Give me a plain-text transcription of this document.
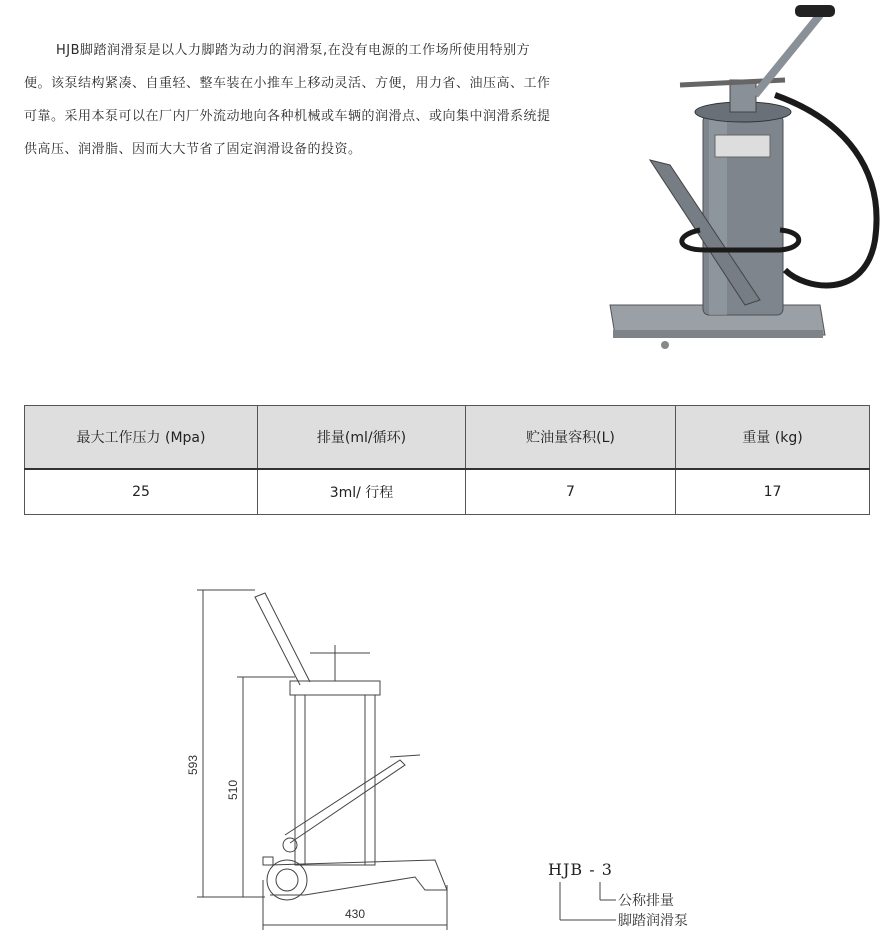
HJB脚踏润滑泵是以人力脚踏为动力的润滑泵,在没有电源的工作场所使用特别方

便。该泵结构紧凑、自重轻、整车装在小推车上移动灵活、方便，用力省、油压高、工作

可靠。采用本泵可以在厂内厂外流动地向各种机械或车辆的润滑点、或向集中润滑系统提

供高压、润滑脂、因而大大节省了固定润滑设备的投资。

最大工作压力 (Mpa)	排量(ml/循环)	贮油量容积(L)	重量 (kg)
25	3ml/ 行程	7	17
593
510
430
HJB - 3
公称排量
脚踏润滑泵
